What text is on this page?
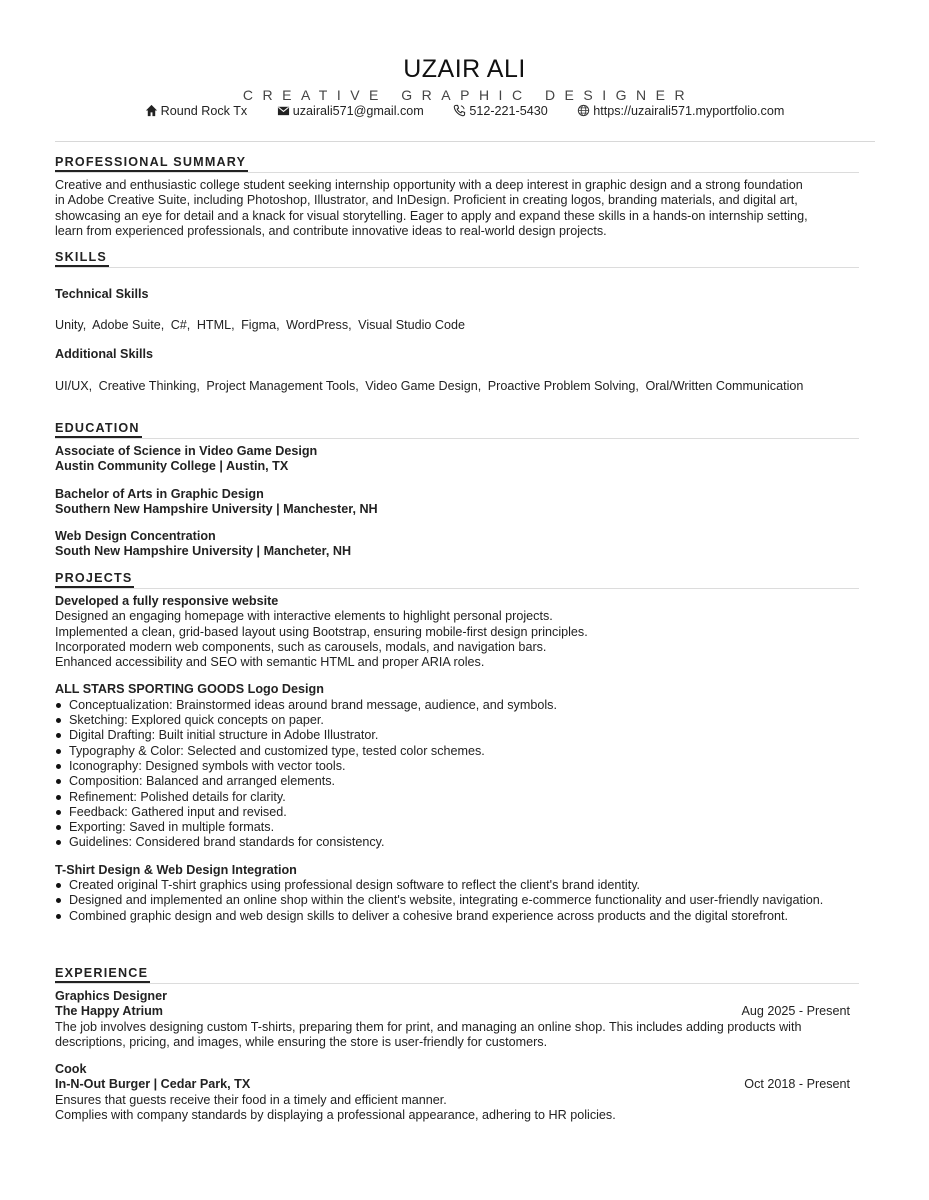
UZAIR ALI
CREATIVE GRAPHIC DESIGNER
Round Rock Tx	uzairali571@gmail.com	512-221-5430	https://uzairali571.myportfolio.com
PROFESSIONAL SUMMARY

Creative and enthusiastic college student seeking internship opportunity with a deep interest in graphic design and a strong foundation

in Adobe Creative Suite, including Photoshop, Illustrator, and InDesign. Proficient in creating logos, branding materials, and digital art,

showcasing an eye for detail and a knack for visual storytelling. Eager to apply and expand these skills in a hands-on internship setting,

learn from experienced professionals, and contribute innovative ideas to real-world design projects.

SKILLS
Technical Skills
Unity, Adobe Suite, C#, HTML, Figma, WordPress, Visual Studio Code
Additional Skills
UI/UX, Creative Thinking, Project Management Tools, Video Game Design, Proactive Problem Solving, Oral/Written Communication
EDUCATION

Associate of Science in Video Game Design

Austin Community College | Austin, TX

Bachelor of Arts in Graphic Design

Southern New Hampshire University | Manchester, NH

Web Design Concentration

South New Hampshire University | Mancheter, NH

PROJECTS

Developed a fully responsive website

Designed an engaging homepage with interactive elements to highlight personal projects.

Implemented a clean, grid-based layout using Bootstrap, ensuring mobile-first design principles.

Incorporated modern web components, such as carousels, modals, and navigation bars.

Enhanced accessibility and SEO with semantic HTML and proper ARIA roles.

ALL STARS SPORTING GOODS Logo Design

Conceptualization: Brainstormed ideas around brand message, audience, and symbols.
Sketching: Explored quick concepts on paper.
Digital Drafting: Built initial structure in Adobe Illustrator.
Typography & Color: Selected and customized type, tested color schemes.
Iconography: Designed symbols with vector tools.
Composition: Balanced and arranged elements.
Refinement: Polished details for clarity.
Feedback: Gathered input and revised.
Exporting: Saved in multiple formats.
Guidelines: Considered brand standards for consistency.

T-Shirt Design & Web Design Integration

Created original T-shirt graphics using professional design software to reflect the client's brand identity.
Designed and implemented an online shop within the client's website, integrating e-commerce functionality and user-friendly navigation.
Combined graphic design and web design skills to deliver a cohesive brand experience across products and the digital storefront.
EXPERIENCE

Graphics Designer

The Happy Atrium	Aug 2025 - Present

The job involves designing custom T-shirts, preparing them for print, and managing an online shop. This includes adding products with

descriptions, pricing, and images, while ensuring the store is user-friendly for customers.

Cook

In-N-Out Burger | Cedar Park, TX	Oct 2018 - Present

Ensures that guests receive their food in a timely and efficient manner.

Complies with company standards by displaying a professional appearance, adhering to HR policies.
